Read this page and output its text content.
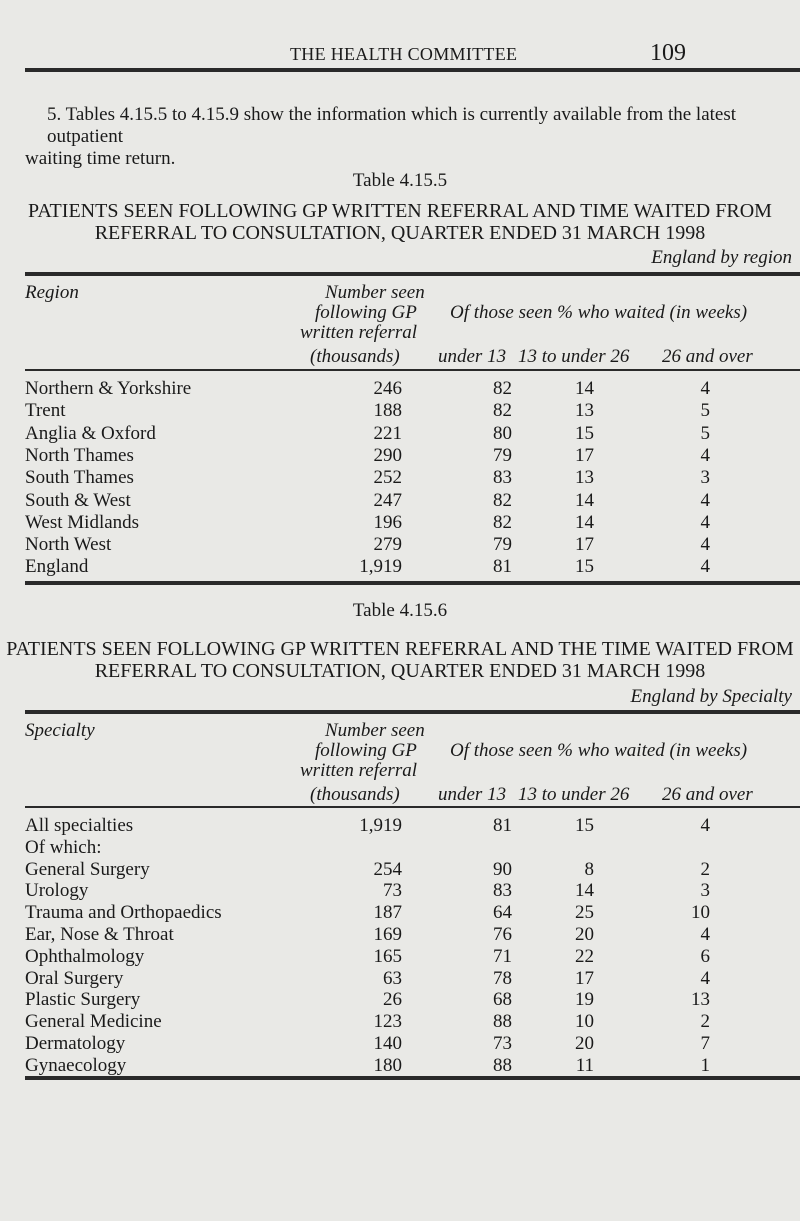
THE HEALTH COMMITTEE	109
5. Tables 4.15.5 to 4.15.9 show the information which is currently available from the latest outpatient
waiting time return.
Table 4.15.5
PATIENTS SEEN FOLLOWING GP WRITTEN REFERRAL AND TIME WAITED FROM
REFERRAL TO CONSULTATION, QUARTER ENDED 31 MARCH 1998
England by region
Region	Number seen
following GP
written referral
(thousands)
Of those seen % who waited (in weeks)
under 13 13 to under 26 26 and over
Northern & Yorkshire	246	82	14	4
Trent	188	82	13	5
Anglia & Oxford	221	80	15	5
North Thames	290	79	17	4
South Thames	252	83	13	3
South & West	247	82	14	4
West Midlands	196	82	14	4
North West	279	79	17	4
England	1,919	81	15	4
Table 4.15.6
PATIENTS SEEN FOLLOWING GP WRITTEN REFERRAL AND THE TIME WAITED FROM
REFERRAL TO CONSULTATION, QUARTER ENDED 31 MARCH 1998
England by Specialty
Specialty	Number seen
following GP
written referral
(thousands)
Of those seen % who waited (in weeks)
under 13 13 to under 26 26 and over
All specialties	1,919	81	15	4
Of which:
General Surgery	254	90	8	2
Urology	73	83	14	3
Trauma and Orthopaedics	187	64	25	10
Ear, Nose & Throat	169	76	20	4
Ophthalmology	165	71	22	6
Oral Surgery	63	78	17	4
Plastic Surgery	26	68	19	13
General Medicine	123	88	10	2
Dermatology	140	73	20	7
Gynaecology	180	88	11	1
